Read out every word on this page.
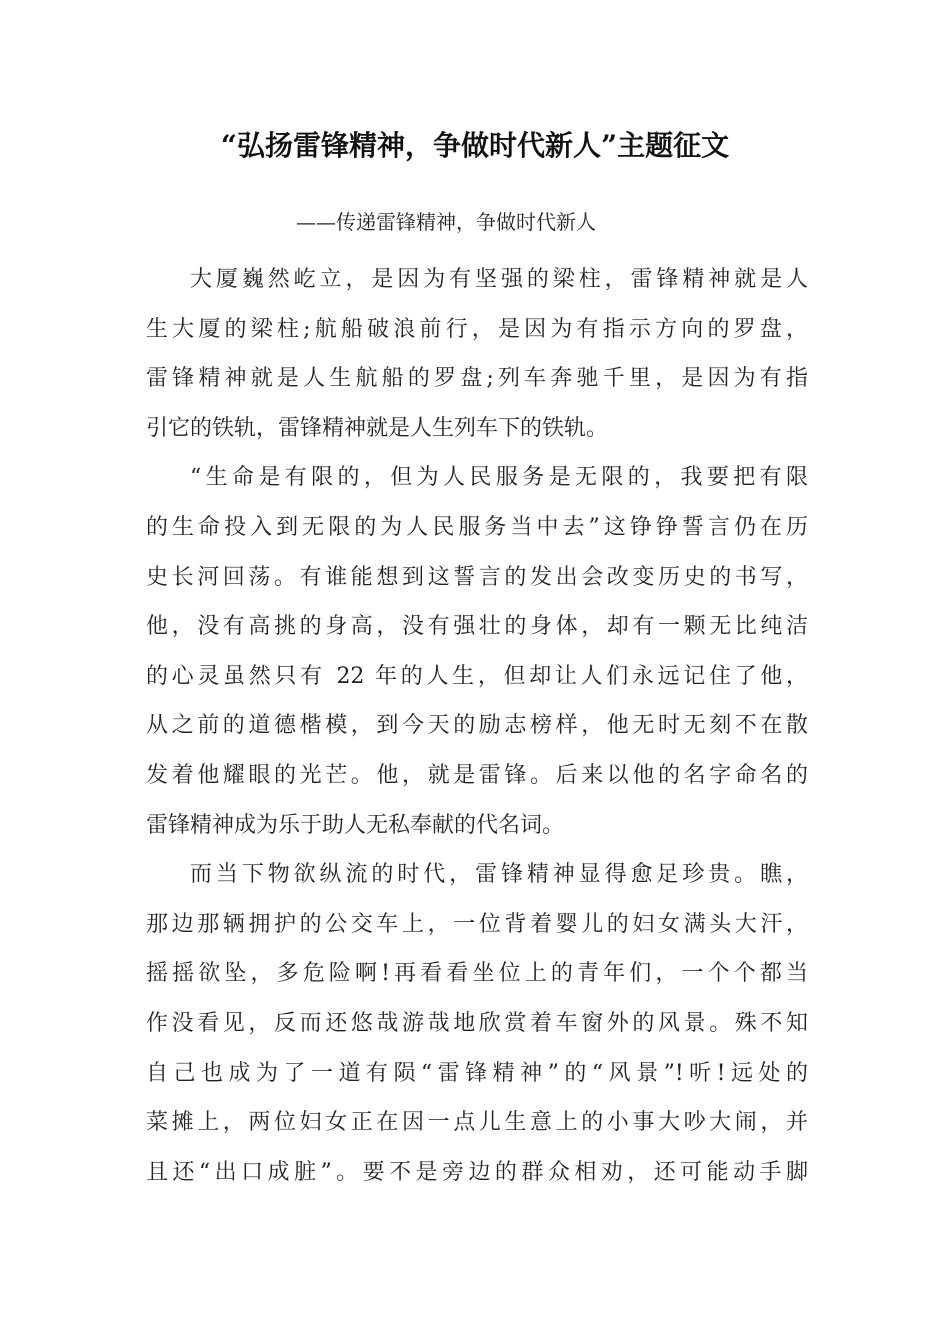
“弘扬雷锋精神，争做时代新人”主题征文
——传递雷锋精神，争做时代新人
大厦巍然屹立，是因为有坚强的梁柱，雷锋精神就是人
生大厦的梁柱;航船破浪前行，是因为有指示方向的罗盘，
雷锋精神就是人生航船的罗盘;列车奔驰千里，是因为有指
引它的铁轨，雷锋精神就是人生列车下的铁轨。
“生命是有限的，但为人民服务是无限的，我要把有限
的生命投入到无限的为人民服务当中去”这铮铮誓言仍在历
史长河回荡。有谁能想到这誓言的发出会改变历史的书写，
他，没有高挑的身高，没有强壮的身体，却有一颗无比纯洁
的心灵虽然只有 22 年的人生，但却让人们永远记住了他，
从之前的道德楷模，到今天的励志榜样，他无时无刻不在散
发着他耀眼的光芒。他，就是雷锋。后来以他的名字命名的
雷锋精神成为乐于助人无私奉献的代名词。
而当下物欲纵流的时代，雷锋精神显得愈足珍贵。瞧，
那边那辆拥护的公交车上，一位背着婴儿的妇女满头大汗，
摇摇欲坠，多危险啊!再看看坐位上的青年们，一个个都当
作没看见，反而还悠哉游哉地欣赏着车窗外的风景。殊不知
自己也成为了一道有陨“雷锋精神”的“风景”!听!远处的
菜摊上，两位妇女正在因一点儿生意上的小事大吵大闹，并
且还“出口成脏”。要不是旁边的群众相劝，还可能动手脚
